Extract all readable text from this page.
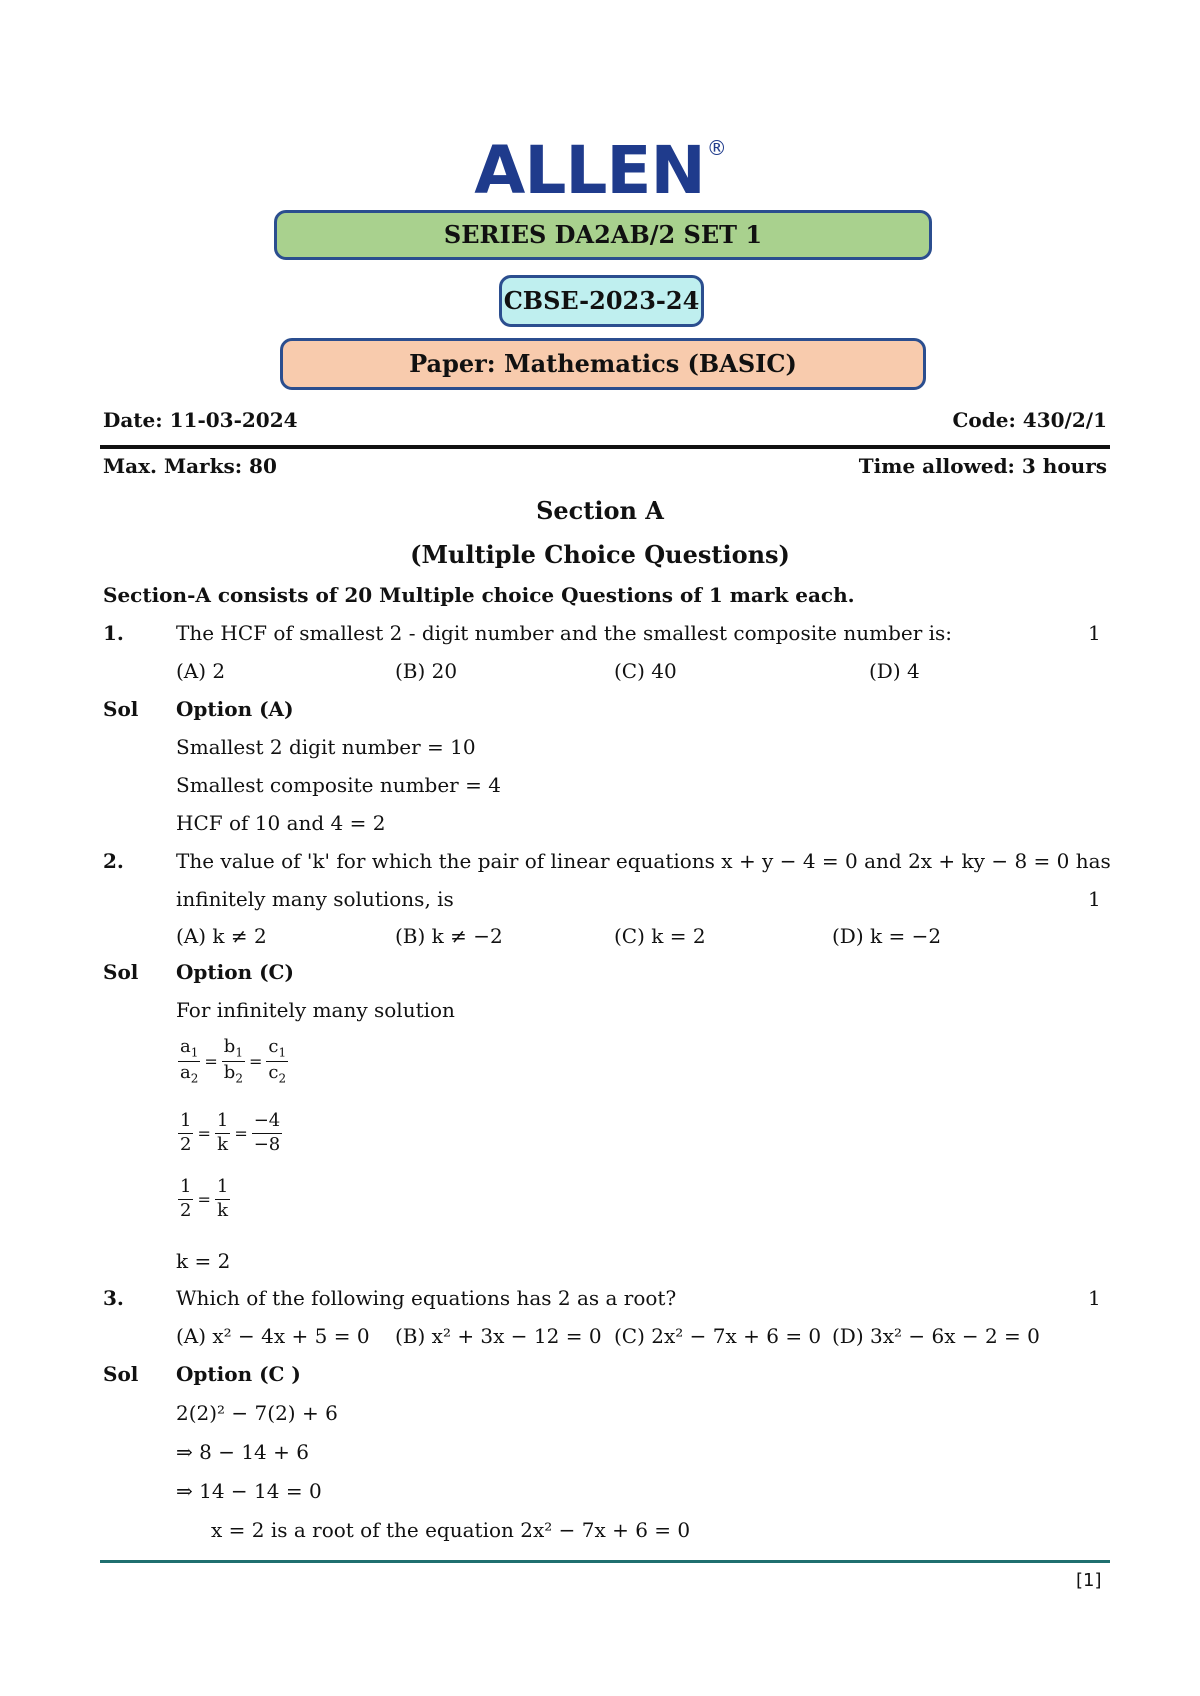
ALLEN ®
SERIES DA2AB/2 SET 1
CBSE-2023-24
Paper: Mathematics (BASIC)
Date: 11-03-2024	Code: 430/2/1
Max. Marks: 80	Time allowed: 3 hours
Section A
(Multiple Choice Questions)
Section-A consists of 20 Multiple choice Questions of 1 mark each.
1.	The HCF of smallest 2 - digit number and the smallest composite number is:	1
(A) 2	(B) 20	(C) 40	(D) 4
Sol Option (A)
Smallest 2 digit number = 10
Smallest composite number = 4
HCF of 10 and 4 = 2
2.	The value of 'k' for which the pair of linear equations x + y − 4 = 0 and 2x + ky − 8 = 0 has
infinitely many solutions, is	1
(A) k ≠ 2	(B) k ≠ −2	(C) k = 2	(D) k = −2
Sol Option (C)
For infinitely many solution
$\frac{a_1}{a_2} = \frac{b_1}{b_2} = \frac{c_1}{c_2}$
$\frac{1}{2} = \frac{1}{k} = \frac{-4}{-8}$
$\frac{1}{2} = \frac{1}{k}$
k = 2
3.	Which of the following equations has 2 as a root?	1
(A) x² − 4x + 5 = 0 (B) x² + 3x − 12 = 0 (C) 2x² − 7x + 6 = 0 (D) 3x² − 6x − 2 = 0
Sol Option (C )
2(2)² − 7(2) + 6
⇒ 8 − 14 + 6
⇒ 14 − 14 = 0
x = 2 is a root of the equation 2x² − 7x + 6 = 0
[1]
